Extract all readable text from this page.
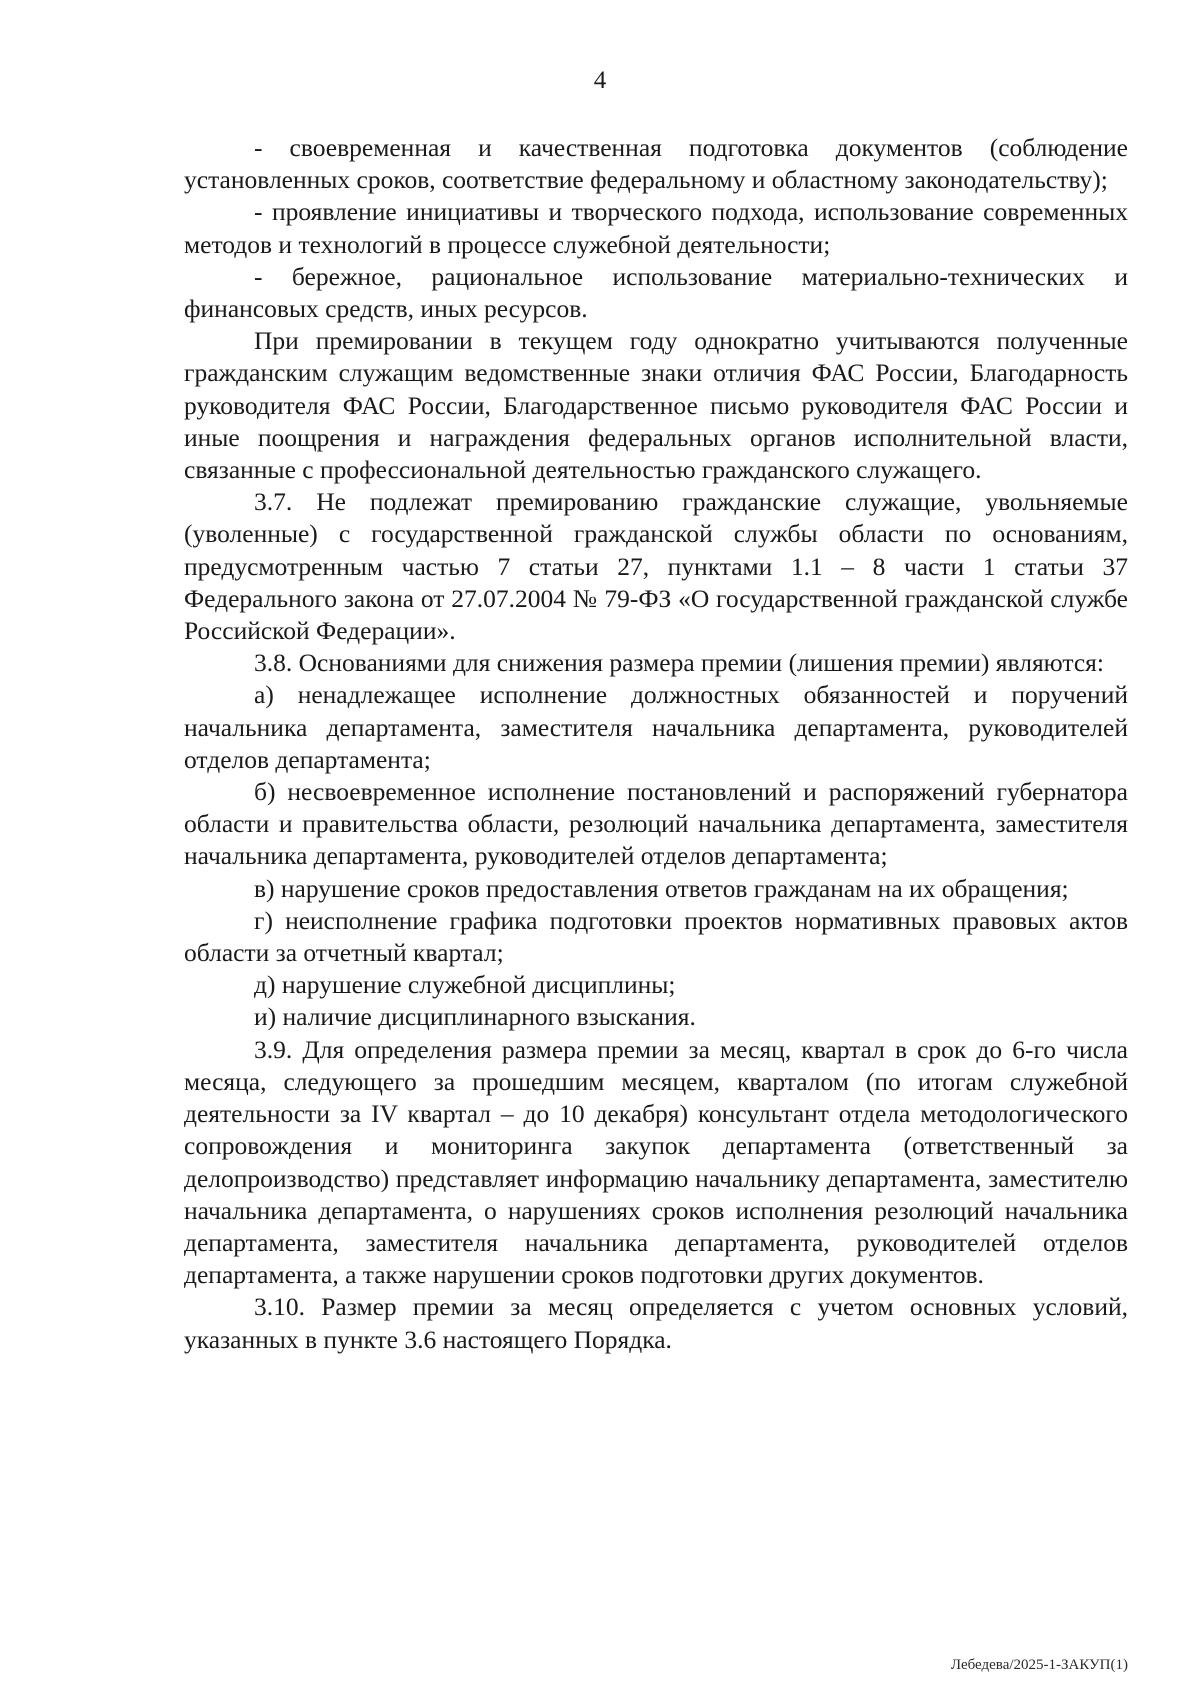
4

- своевременная и качественная подготовка документов (соблюдение установленных сроков, соответствие федеральному и областному законодательству);

- проявление инициативы и творческого подхода, использование современных методов и технологий в процессе служебной деятельности;

- бережное, рациональное использование материально-технических и финансовых средств, иных ресурсов.

При премировании в текущем году однократно учитываются полученные гражданским служащим ведомственные знаки отличия ФАС России, Благодарность руководителя ФАС России, Благодарственное письмо руководителя ФАС России и иные поощрения и награждения федеральных органов исполнительной власти, связанные с профессиональной деятельностью гражданского служащего.

3.7. Не подлежат премированию гражданские служащие, увольняемые (уволенные) с государственной гражданской службы области по основаниям, предусмотренным частью 7 статьи 27, пунктами 1.1 – 8 части 1 статьи 37 Федерального закона от 27.07.2004 № 79-ФЗ «О государственной гражданской службе Российской Федерации».

3.8. Основаниями для снижения размера премии (лишения премии) являются:

а) ненадлежащее исполнение должностных обязанностей и поручений начальника департамента, заместителя начальника департамента, руководителей отделов департамента;

б) несвоевременное исполнение постановлений и распоряжений губернатора области и правительства области, резолюций начальника департамента, заместителя начальника департамента, руководителей отделов департамента;

в) нарушение сроков предоставления ответов гражданам на их обращения;

г) неисполнение графика подготовки проектов нормативных правовых актов области за отчетный квартал;

д) нарушение служебной дисциплины;

и) наличие дисциплинарного взыскания.

3.9. Для определения размера премии за месяц, квартал в срок до 6-го числа месяца, следующего за прошедшим месяцем, кварталом (по итогам служебной деятельности за IV квартал – до 10 декабря) консультант отдела методологического сопровождения и мониторинга закупок департамента (ответственный за делопроизводство) представляет информацию начальнику департамента, заместителю начальника департамента, о нарушениях сроков исполнения резолюций начальника департамента, заместителя начальника департамента, руководителей отделов департамента, а также нарушении сроков подготовки других документов.

3.10. Размер премии за месяц определяется с учетом основных условий, указанных в пункте 3.6 настоящего Порядка.

Лебедева/2025-1-ЗАКУП(1)
